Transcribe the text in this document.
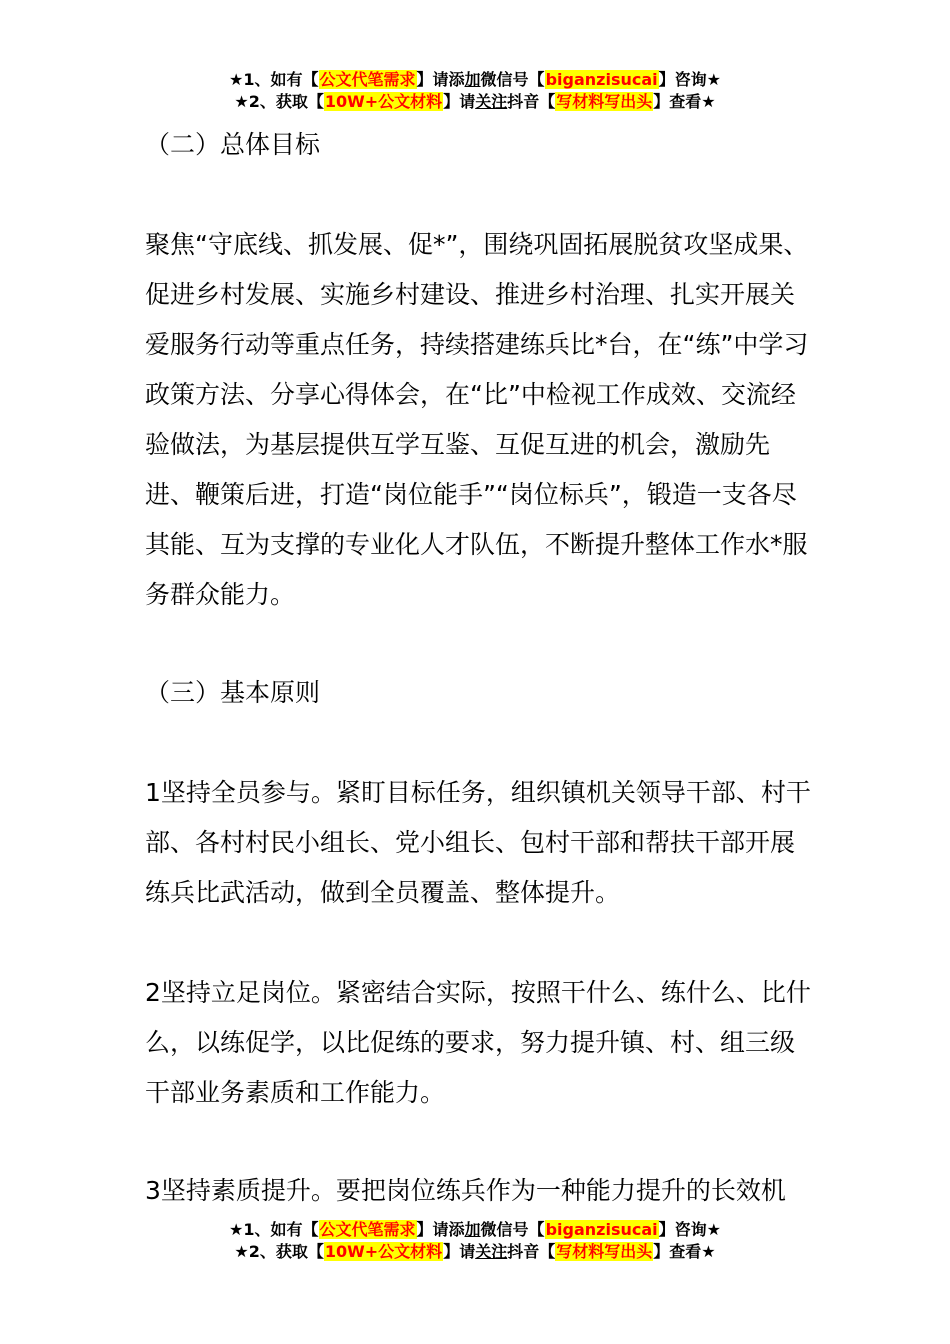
★1、如有【公文代笔需求】请添加微信号【biganzisucai】咨询★
★2、获取【10W+公文材料】请关注抖音【写材料写出头】查看★
（二）总体目标

聚焦“守底线、抓发展、促*”，围绕巩固拓展脱贫攻坚成果、促进乡村发展、实施乡村建设、推进乡村治理、扎实开展关爱服务行动等重点任务，持续搭建练兵比*台，在“练”中学习政策方法、分享心得体会，在“比”中检视工作成效、交流经验做法，为基层提供互学互鉴、互促互进的机会，激励先进、鞭策后进，打造“岗位能手”“岗位标兵”，锻造一支各尽其能、互为支撑的专业化人才队伍，不断提升整体工作水*服务群众能力。

（三）基本原则

1坚持全员参与。紧盯目标任务，组织镇机关领导干部、村干部、各村村民小组长、党小组长、包村干部和帮扶干部开展练兵比武活动，做到全员覆盖、整体提升。

2坚持立足岗位。紧密结合实际，按照干什么、练什么、比什么，以练促学，以比促练的要求，努力提升镇、村、组三级干部业务素质和工作能力。

3坚持素质提升。要把岗位练兵作为一种能力提升的长效机

★1、如有【公文代笔需求】请添加微信号【biganzisucai】咨询★
★2、获取【10W+公文材料】请关注抖音【写材料写出头】查看★
